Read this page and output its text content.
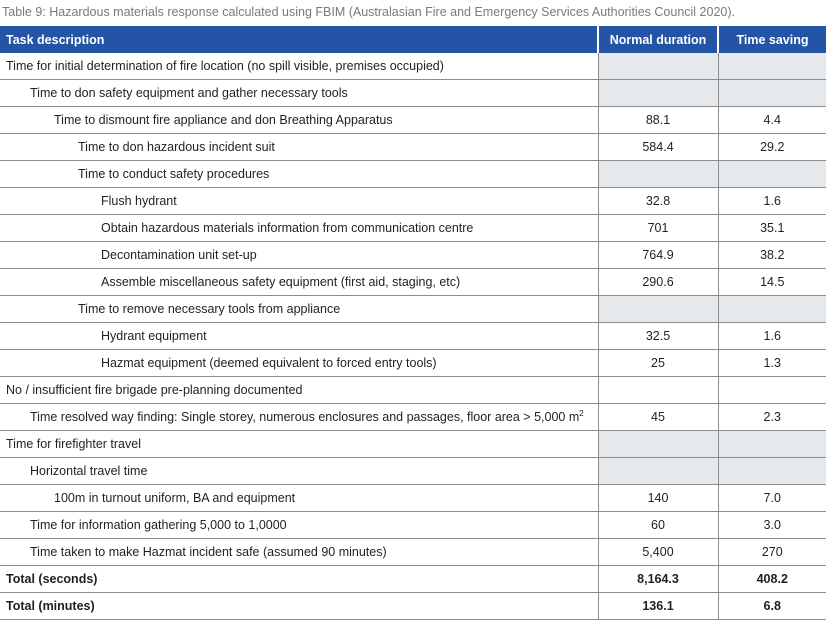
Table 9: Hazardous materials response calculated using FBIM (Australasian Fire and Emergency Services Authorities Council 2020).
Task description	Normal duration	Time saving
Time for initial determination of fire location (no spill visible, premises occupied)		
Time to don safety equipment and gather necessary tools		
Time to dismount fire appliance and don Breathing Apparatus	88.1	4.4
Time to don hazardous incident suit	584.4	29.2
Time to conduct safety procedures		
Flush hydrant	32.8	1.6
Obtain hazardous materials information from communication centre	701	35.1
Decontamination unit set-up	764.9	38.2
Assemble miscellaneous safety equipment (first aid, staging, etc)	290.6	14.5
Time to remove necessary tools from appliance		
Hydrant equipment	32.5	1.6
Hazmat equipment (deemed equivalent to forced entry tools)	25	1.3
No / insufficient fire brigade pre-planning documented		
Time resolved way finding: Single storey, numerous enclosures and passages, floor area > 5,000 $m^2$	45	2.3
Time for firefighter travel		
Horizontal travel time		
100m in turnout uniform, BA and equipment	140	7.0
Time for information gathering 5,000 to 1,0000	60	3.0
Time taken to make Hazmat incident safe (assumed 90 minutes)	5,400	270
Total (seconds)	8,164.3	408.2
Total (minutes)	136.1	6.8
